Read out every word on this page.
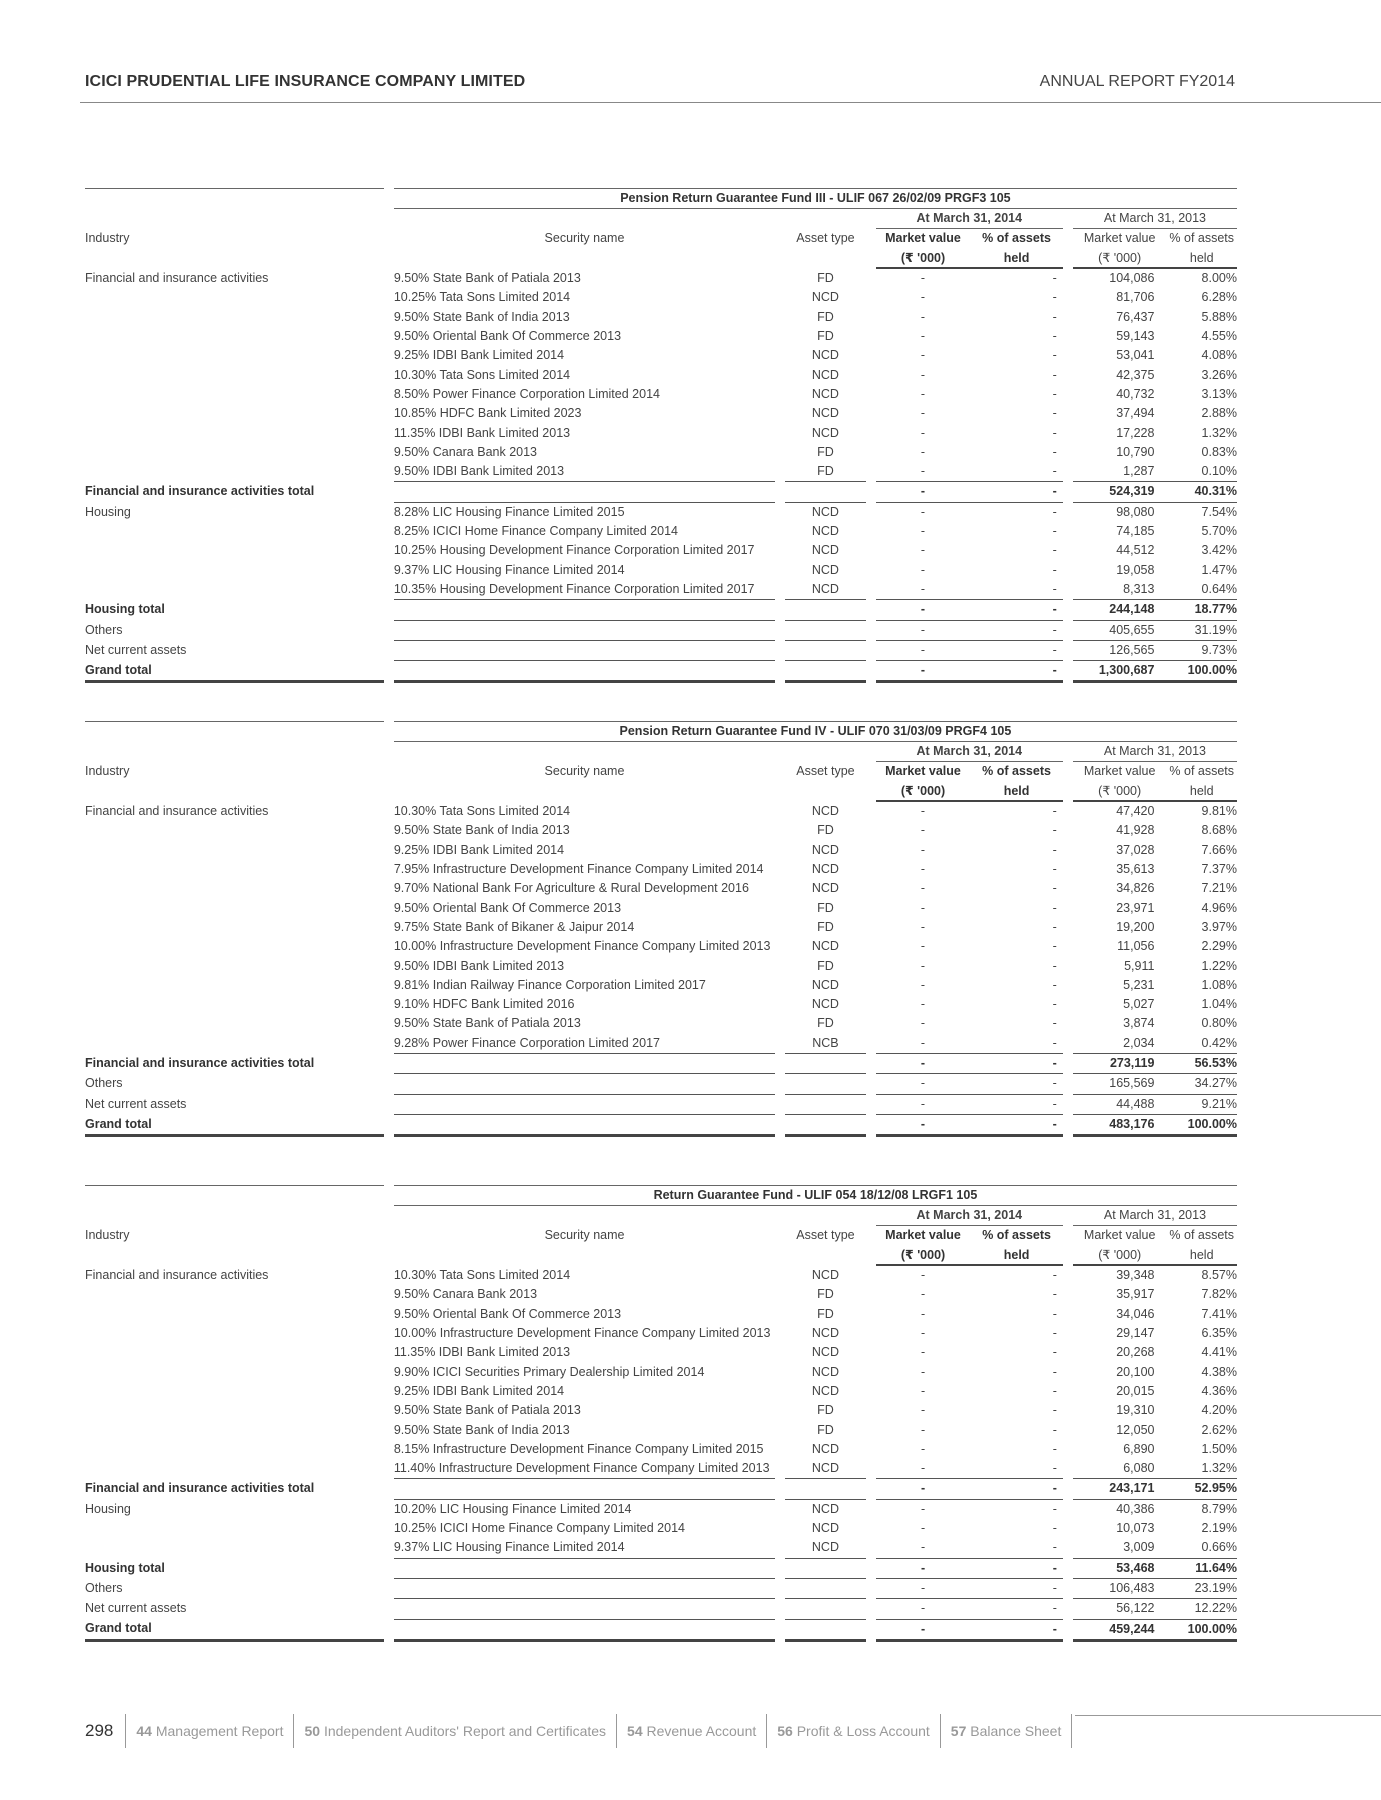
ICICI PRUDENTIAL LIFE INSURANCE COMPANY LIMITED	ANNUAL REPORT FY2014
		Pension Return Guarantee Fund III - ULIF 067 26/02/09 PRGF3 105								
Industry		Security name		Asset type		At March 31, 2014			At March 31, 2013	
						Market value	% of assets		Market value	% of assets
						(₹ '000)	held		(₹ '000)	held
Financial and insurance activities		9.50% State Bank of Patiala 2013		FD		-	-		104,086	8.00%
		10.25% Tata Sons Limited 2014		NCD		-	-		81,706	6.28%
		9.50% State Bank of India 2013		FD		-	-		76,437	5.88%
		9.50% Oriental Bank Of Commerce 2013		FD		-	-		59,143	4.55%
		9.25% IDBI Bank Limited 2014		NCD		-	-		53,041	4.08%
		10.30% Tata Sons Limited 2014		NCD		-	-		42,375	3.26%
		8.50% Power Finance Corporation Limited 2014		NCD		-	-		40,732	3.13%
		10.85% HDFC Bank Limited 2023		NCD		-	-		37,494	2.88%
		11.35% IDBI Bank Limited 2013		NCD		-	-		17,228	1.32%
		9.50% Canara Bank 2013		FD		-	-		10,790	0.83%
		9.50% IDBI Bank Limited 2013		FD		-	-		1,287	0.10%
Financial and insurance activities total						-	-		524,319	40.31%
Housing		8.28% LIC Housing Finance Limited 2015		NCD		-	-		98,080	7.54%
		8.25% ICICI Home Finance Company Limited 2014		NCD		-	-		74,185	5.70%
		10.25% Housing Development Finance Corporation Limited 2017		NCD		-	-		44,512	3.42%
		9.37% LIC Housing Finance Limited 2014		NCD		-	-		19,058	1.47%
		10.35% Housing Development Finance Corporation Limited 2017		NCD		-	-		8,313	0.64%
Housing total						-	-		244,148	18.77%
Others						-	-		405,655	31.19%
Net current assets						-	-		126,565	9.73%
Grand total						-	-		1,300,687	100.00%
		Pension Return Guarantee Fund IV - ULIF 070 31/03/09 PRGF4 105								
Industry		Security name		Asset type		At March 31, 2014			At March 31, 2013	
						Market value	% of assets		Market value	% of assets
						(₹ '000)	held		(₹ '000)	held
Financial and insurance activities		10.30% Tata Sons Limited 2014		NCD		-	-		47,420	9.81%
		9.50% State Bank of India 2013		FD		-	-		41,928	8.68%
		9.25% IDBI Bank Limited 2014		NCD		-	-		37,028	7.66%
		7.95% Infrastructure Development Finance Company Limited 2014		NCD		-	-		35,613	7.37%
		9.70% National Bank For Agriculture & Rural Development 2016		NCD		-	-		34,826	7.21%
		9.50% Oriental Bank Of Commerce 2013		FD		-	-		23,971	4.96%
		9.75% State Bank of Bikaner & Jaipur 2014		FD		-	-		19,200	3.97%
		10.00% Infrastructure Development Finance Company Limited 2013		NCD		-	-		11,056	2.29%
		9.50% IDBI Bank Limited 2013		FD		-	-		5,911	1.22%
		9.81% Indian Railway Finance Corporation Limited 2017		NCD		-	-		5,231	1.08%
		9.10% HDFC Bank Limited 2016		NCD		-	-		5,027	1.04%
		9.50% State Bank of Patiala 2013		FD		-	-		3,874	0.80%
		9.28% Power Finance Corporation Limited 2017		NCB		-	-		2,034	0.42%
Financial and insurance activities total						-	-		273,119	56.53%
Others						-	-		165,569	34.27%
Net current assets						-	-		44,488	9.21%
Grand total						-	-		483,176	100.00%
		Return Guarantee Fund - ULIF 054 18/12/08 LRGF1 105								
Industry		Security name		Asset type		At March 31, 2014			At March 31, 2013	
						Market value	% of assets		Market value	% of assets
						(₹ '000)	held		(₹ '000)	held
Financial and insurance activities		10.30% Tata Sons Limited 2014		NCD		-	-		39,348	8.57%
		9.50% Canara Bank 2013		FD		-	-		35,917	7.82%
		9.50% Oriental Bank Of Commerce 2013		FD		-	-		34,046	7.41%
		10.00% Infrastructure Development Finance Company Limited 2013		NCD		-	-		29,147	6.35%
		11.35% IDBI Bank Limited 2013		NCD		-	-		20,268	4.41%
		9.90% ICICI Securities Primary Dealership Limited 2014		NCD		-	-		20,100	4.38%
		9.25% IDBI Bank Limited 2014		NCD		-	-		20,015	4.36%
		9.50% State Bank of Patiala 2013		FD		-	-		19,310	4.20%
		9.50% State Bank of India 2013		FD		-	-		12,050	2.62%
		8.15% Infrastructure Development Finance Company Limited 2015		NCD		-	-		6,890	1.50%
		11.40% Infrastructure Development Finance Company Limited 2013		NCD		-	-		6,080	1.32%
Financial and insurance activities total						-	-		243,171	52.95%
Housing		10.20% LIC Housing Finance Limited 2014		NCD		-	-		40,386	8.79%
		10.25% ICICI Home Finance Company Limited 2014		NCD		-	-		10,073	2.19%
		9.37% LIC Housing Finance Limited 2014		NCD		-	-		3,009	0.66%
Housing total						-	-		53,468	11.64%
Others						-	-		106,483	23.19%
Net current assets						-	-		56,122	12.22%
Grand total						-	-		459,244	100.00%
298	44 Management Report	50 Independent Auditors' Report and Certificates	54 Revenue Account	56 Profit & Loss Account	57 Balance Sheet
